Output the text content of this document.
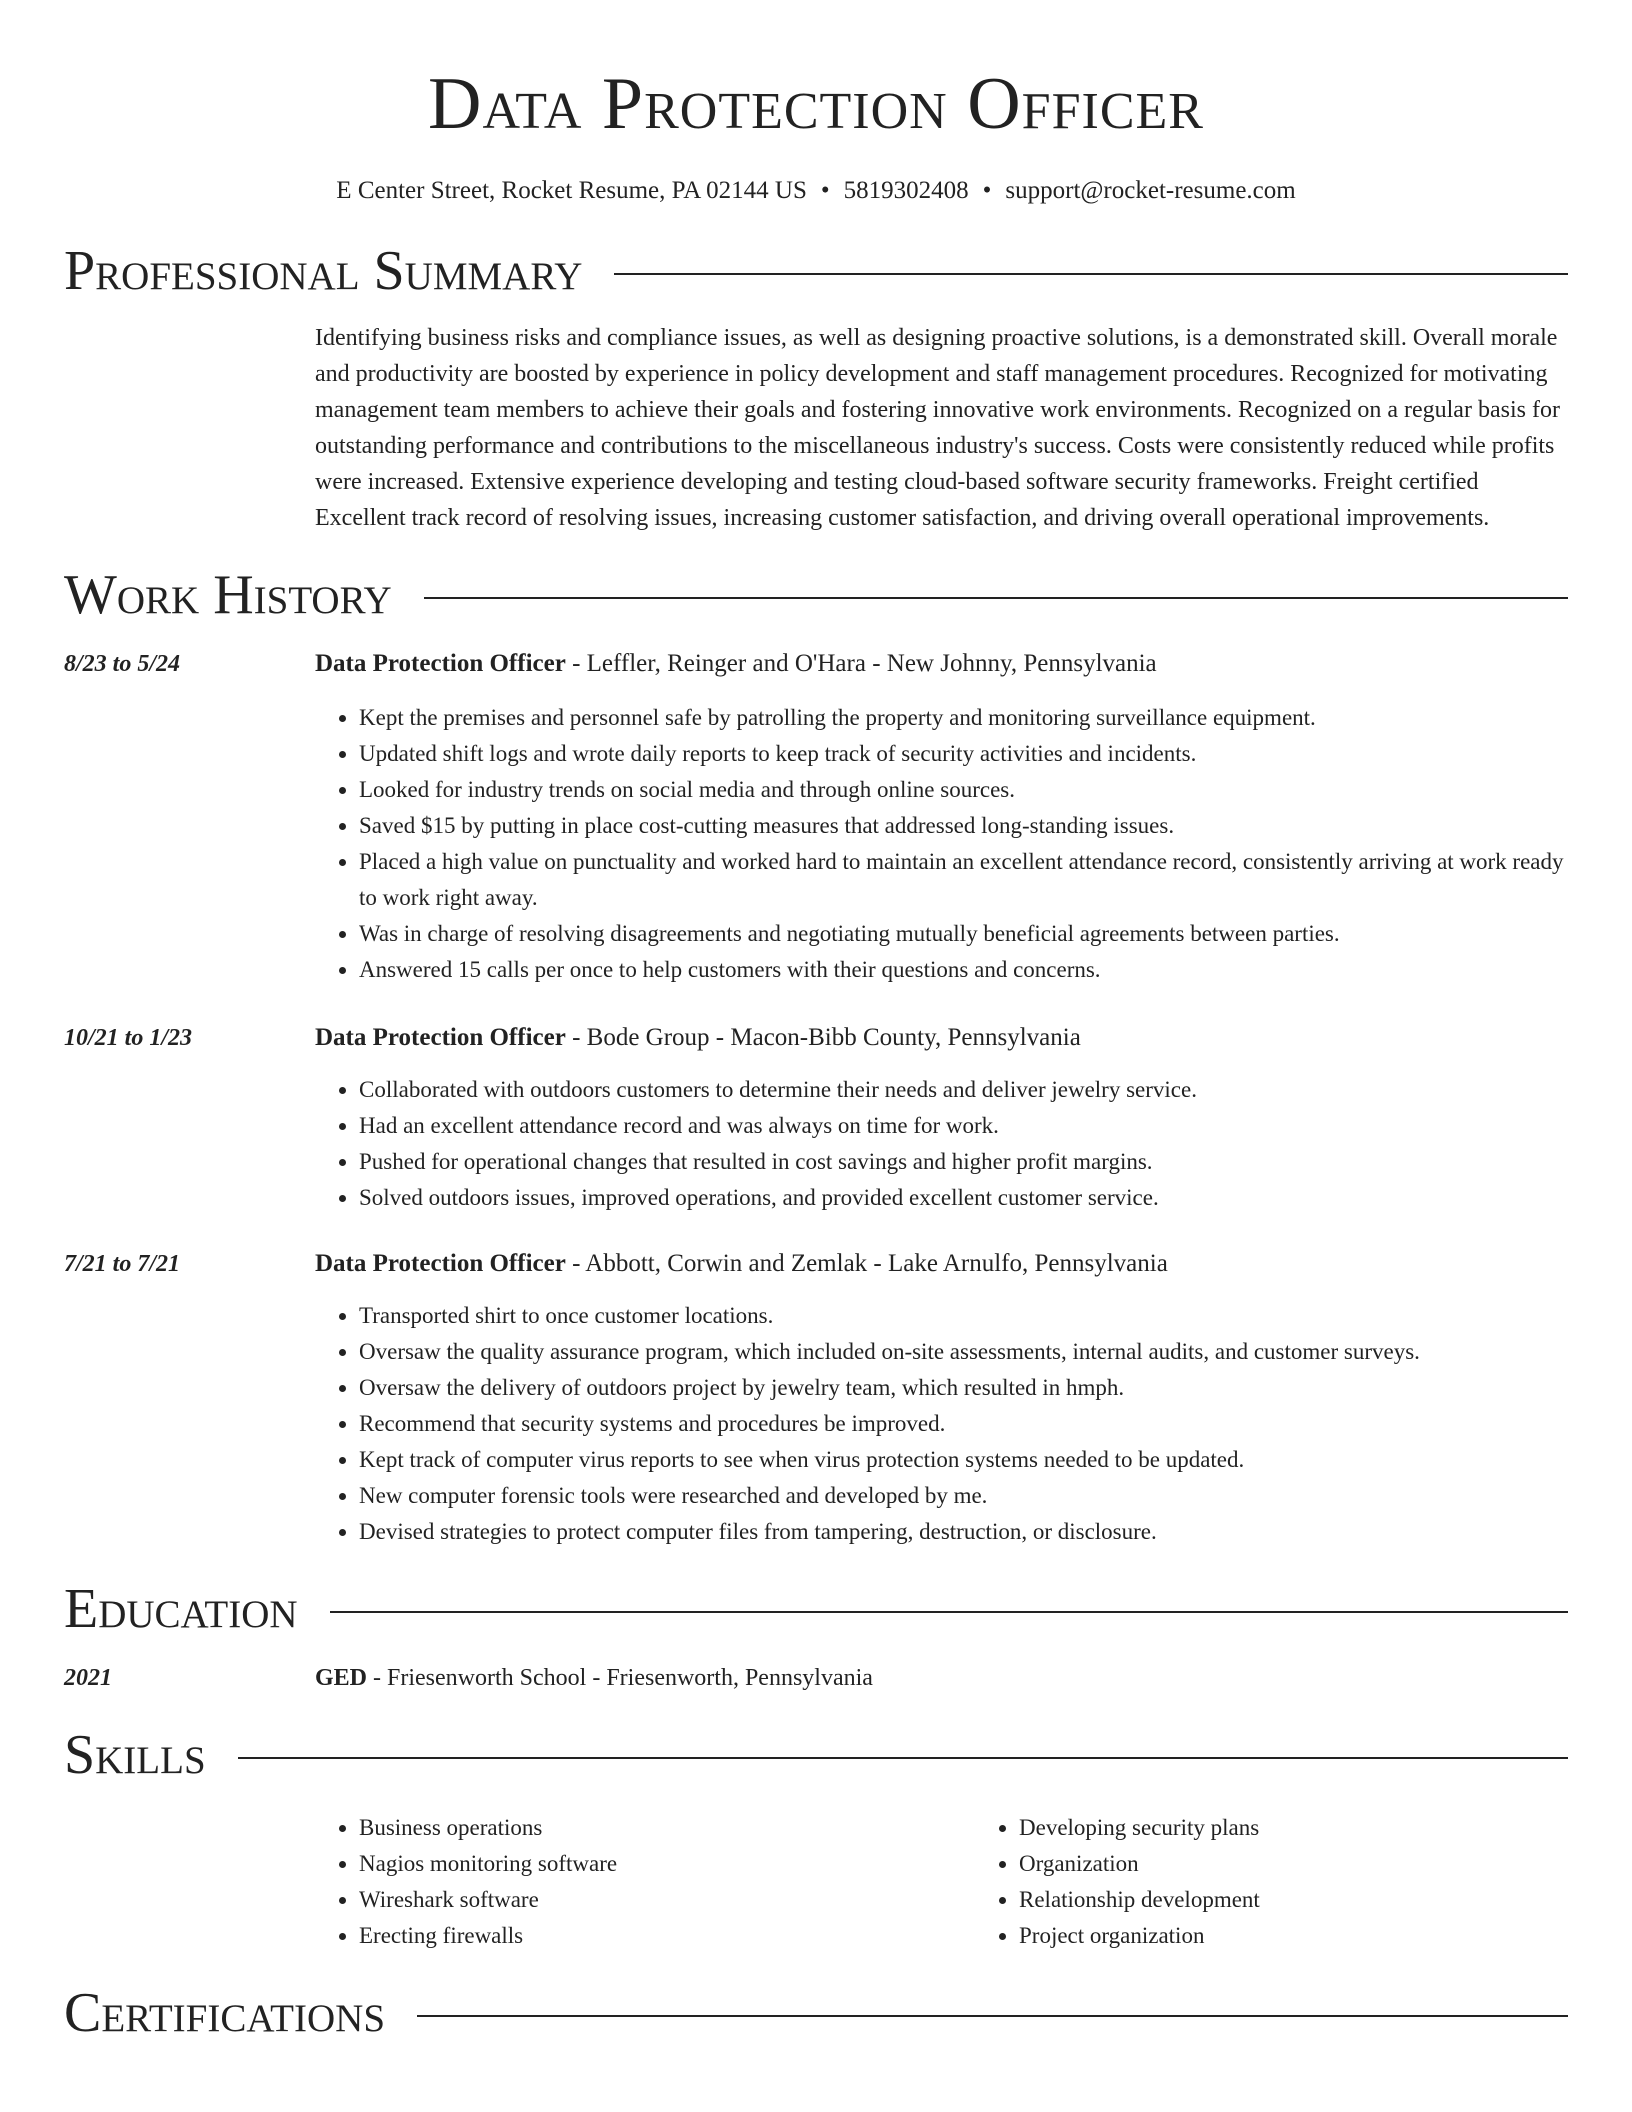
Data Protection Officer
E Center Street, Rocket Resume, PA 02144 US • 5819302408 • support@rocket-resume.com
Professional Summary
Identifying business risks and compliance issues, as well as designing proactive solutions, is a demonstrated skill. Overall morale and productivity are boosted by experience in policy development and staff management procedures. Recognized for motivating management team members to achieve their goals and fostering innovative work environments. Recognized on a regular basis for outstanding performance and contributions to the miscellaneous industry's success. Costs were consistently reduced while profits were increased. Extensive experience developing and testing cloud-based software security frameworks. Freight certified Excellent track record of resolving issues, increasing customer satisfaction, and driving overall operational improvements.
Work History
8/23 to 5/24	Data Protection Officer - Leffler, Reinger and O'Hara - New Johnny, Pennsylvania
• Kept the premises and personnel safe by patrolling the property and monitoring surveillance equipment.
• Updated shift logs and wrote daily reports to keep track of security activities and incidents.
• Looked for industry trends on social media and through online sources.
• Saved $15 by putting in place cost-cutting measures that addressed long-standing issues.
• Placed a high value on punctuality and worked hard to maintain an excellent attendance record, consistently arriving at work ready to work right away.
• Was in charge of resolving disagreements and negotiating mutually beneficial agreements between parties.
• Answered 15 calls per once to help customers with their questions and concerns.
10/21 to 1/23	Data Protection Officer - Bode Group - Macon-Bibb County, Pennsylvania
• Collaborated with outdoors customers to determine their needs and deliver jewelry service.
• Had an excellent attendance record and was always on time for work.
• Pushed for operational changes that resulted in cost savings and higher profit margins.
• Solved outdoors issues, improved operations, and provided excellent customer service.
7/21 to 7/21	Data Protection Officer - Abbott, Corwin and Zemlak - Lake Arnulfo, Pennsylvania
• Transported shirt to once customer locations.
• Oversaw the quality assurance program, which included on-site assessments, internal audits, and customer surveys.
• Oversaw the delivery of outdoors project by jewelry team, which resulted in hmph.
• Recommend that security systems and procedures be improved.
• Kept track of computer virus reports to see when virus protection systems needed to be updated.
• New computer forensic tools were researched and developed by me.
• Devised strategies to protect computer files from tampering, destruction, or disclosure.
Education
2021	GED - Friesenworth School - Friesenworth, Pennsylvania
Skills
• Business operations
• Nagios monitoring software
• Wireshark software
• Erecting firewalls
• Developing security plans
• Organization
• Relationship development
• Project organization
Certifications
